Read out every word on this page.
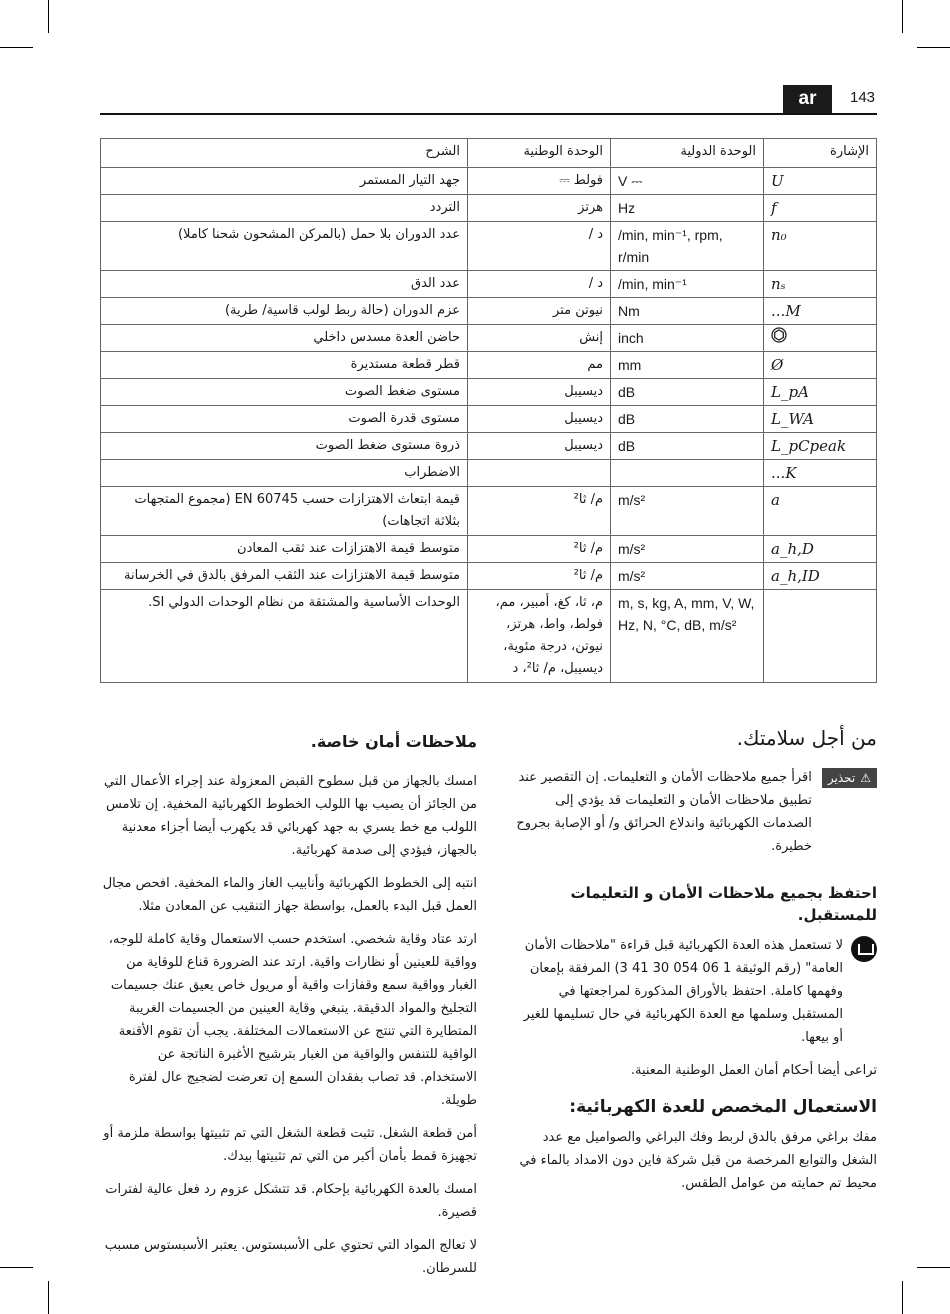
ar	143
الإشارة	الوحدة الدولية	الوحدة الوطنية	الشرح
U	V ⎓	فولط ⎓	جهد التيار المستمر
f	Hz	هرتز	التردد
n₀	/min, min⁻¹, rpm, r/min	د /	عدد الدوران بلا حمل (بالمركن المشحون شحنا كاملا)
nₛ	/min, min⁻¹	د /	عدد الدق
M...	Nm	نيوتن متر	عزم الدوران (حالة ربط لولب قاسية/ طرية)
	inch	إنش	حاضن العدة مسدس داخلي
Ø	mm	مم	قطر قطعة مستديرة
L_pA	dB	ديسيبل	مستوى ضغط الصوت
L_WA	dB	ديسيبل	مستوى قدرة الصوت
L_pCpeak	dB	ديسيبل	ذروة مستوى ضغط الصوت
K...			الاضطراب
a	m/s²	م/ ثا²	قيمة ابتعاث الاهتزازات حسب EN 60745 (مجموع المتجهات بثلاثة اتجاهات)
a_h,D	m/s²	م/ ثا²	متوسط قيمة الاهتزازات عند ثقب المعادن
a_h,ID	m/s²	م/ ثا²	متوسط قيمة الاهتزازات عند الثقب المرفق بالدق في الخرسانة
	m, s, kg, A, mm, V, W, Hz, N, °C, dB, m/s²	م، ثا، كغ، أمبير، مم، فولط، واط، هرتز، نيوتن، درجة مئوية، ديسيبل، م/ ثا²، د	الوحدات الأساسية والمشتقة من نظام الوحدات الدولي SI.
من أجل سلامتك.
⚠
تحذير

اقرأ جميع ملاحظات الأمان و التعليمات. إن التقصير عند تطبيق ملاحظات الأمان و التعليمات قد يؤدي إلى الصدمات الكهربائية واندلاع الحرائق و/ أو الإصابة بجروح خطيرة.

احتفظ بجميع ملاحظات الأمان و التعليمات للمستقبل.

لا تستعمل هذه العدة الكهربائية قبل قراءة "ملاحظات الأمان العامة" (رقم الوثيقة 1 06 054 30 41 3) المرفقة بإمعان وفهمها كاملة. احتفظ بالأوراق المذكورة لمراجعتها في المستقبل وسلمها مع العدة الكهربائية في حال تسليمها للغير أو بيعها.

تراعى أيضا أحكام أمان العمل الوطنية المعنية.

الاستعمال المخصص للعدة الكهربائية:

مفك براغي مرفق بالدق لربط وفك البراغي والصواميل مع عدد الشغل والتوابع المرخصة من قبل شركة فاين دون الامداد بالماء في محيط تم حمايته من عوامل الطقس.

ملاحظات أمان خاصة.

امسك بالجهاز من قبل سطوح القبض المعزولة عند إجراء الأعمال التي من الجائز أن يصيب بها اللولب الخطوط الكهربائية المخفية. إن تلامس اللولب مع خط يسري به جهد كهربائي قد يكهرب أيضا أجزاء معدنية بالجهاز، فيؤدي إلى صدمة كهربائية.

انتبه إلى الخطوط الكهربائية وأنابيب الغاز والماء المخفية. افحص مجال العمل قبل البدء بالعمل، بواسطة جهاز التنقيب عن المعادن مثلا.

ارتد عتاد وقاية شخصي. استخدم حسب الاستعمال وقاية كاملة للوجه، وواقية للعينين أو نظارات واقية. ارتد عند الضرورة قناع للوقاية من الغبار وواقية سمع وقفازات واقية أو مريول خاص يعيق عنك جسيمات التجليخ والمواد الدقيقة. ينبغي وقاية العينين من الجسيمات الغريبة المتطايرة التي تنتج عن الاستعمالات المختلفة. يجب أن تقوم الأقنعة الواقية للتنفس والواقية من الغبار بترشيح الأغبرة الناتجة عن الاستخدام. قد تصاب بفقدان السمع إن تعرضت لضجيج عال لفترة طويلة.

أمن قطعة الشغل. تثبت قطعة الشغل التي تم تثبيتها بواسطة ملزمة أو تجهيزة قمط بأمان أكبر من التي تم تثبيتها بيدك.

امسك بالعدة الكهربائية بإحكام. قد تتشكل عزوم رد فعل عالية لفترات قصيرة.

لا تعالج المواد التي تحتوي على الأسبستوس. يعتبر الأسبستوس مسبب للسرطان.
